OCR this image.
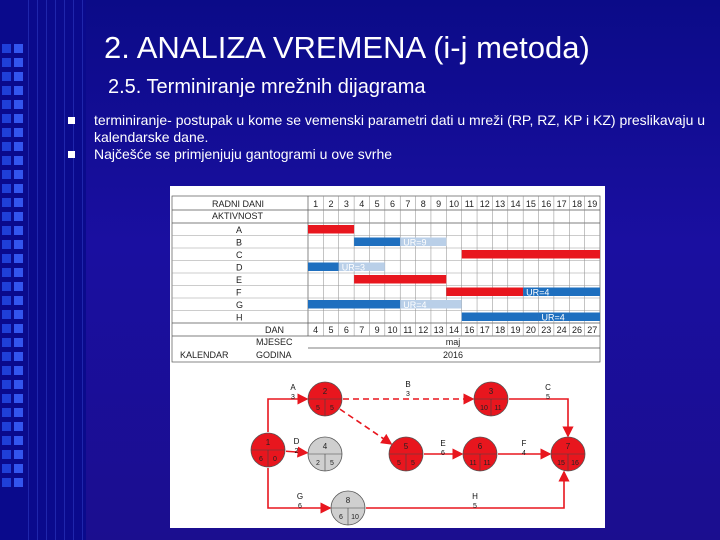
2. ANALIZA VREMENA (i-j metoda)
2.5. Terminiranje mrežnih dijagrama
terminiranje- postupak u kome se vemenski parametri dati u mreži (RP, RZ, KP i KZ) preslikavaju u kalendarske dane.
Najčešće se primjenjuju gantogrami u ove svrhe
RADNI DANI
AKTIVNOST
1 2 3 4 5 6 7 8 9 10 11 12 13 14 15 16 17 18 19
A
B
C
D
E
F
G
H
UR=9
UR=3
UR=4
UR=4
UR=4
DAN
MJESEC
KALENDAR	GODINA
4 5 6 7 9 10 11 12 13 14 16 17 18 19 20 23 24 26 27
maj
2016
A
3
B
3
C
5
D
2
E
6
F
4
G
6
H
5
1
6 0
2
5 5
3
10 11
4
2 5
5
5 5
6
11 11
7
15 16
8
6 10
